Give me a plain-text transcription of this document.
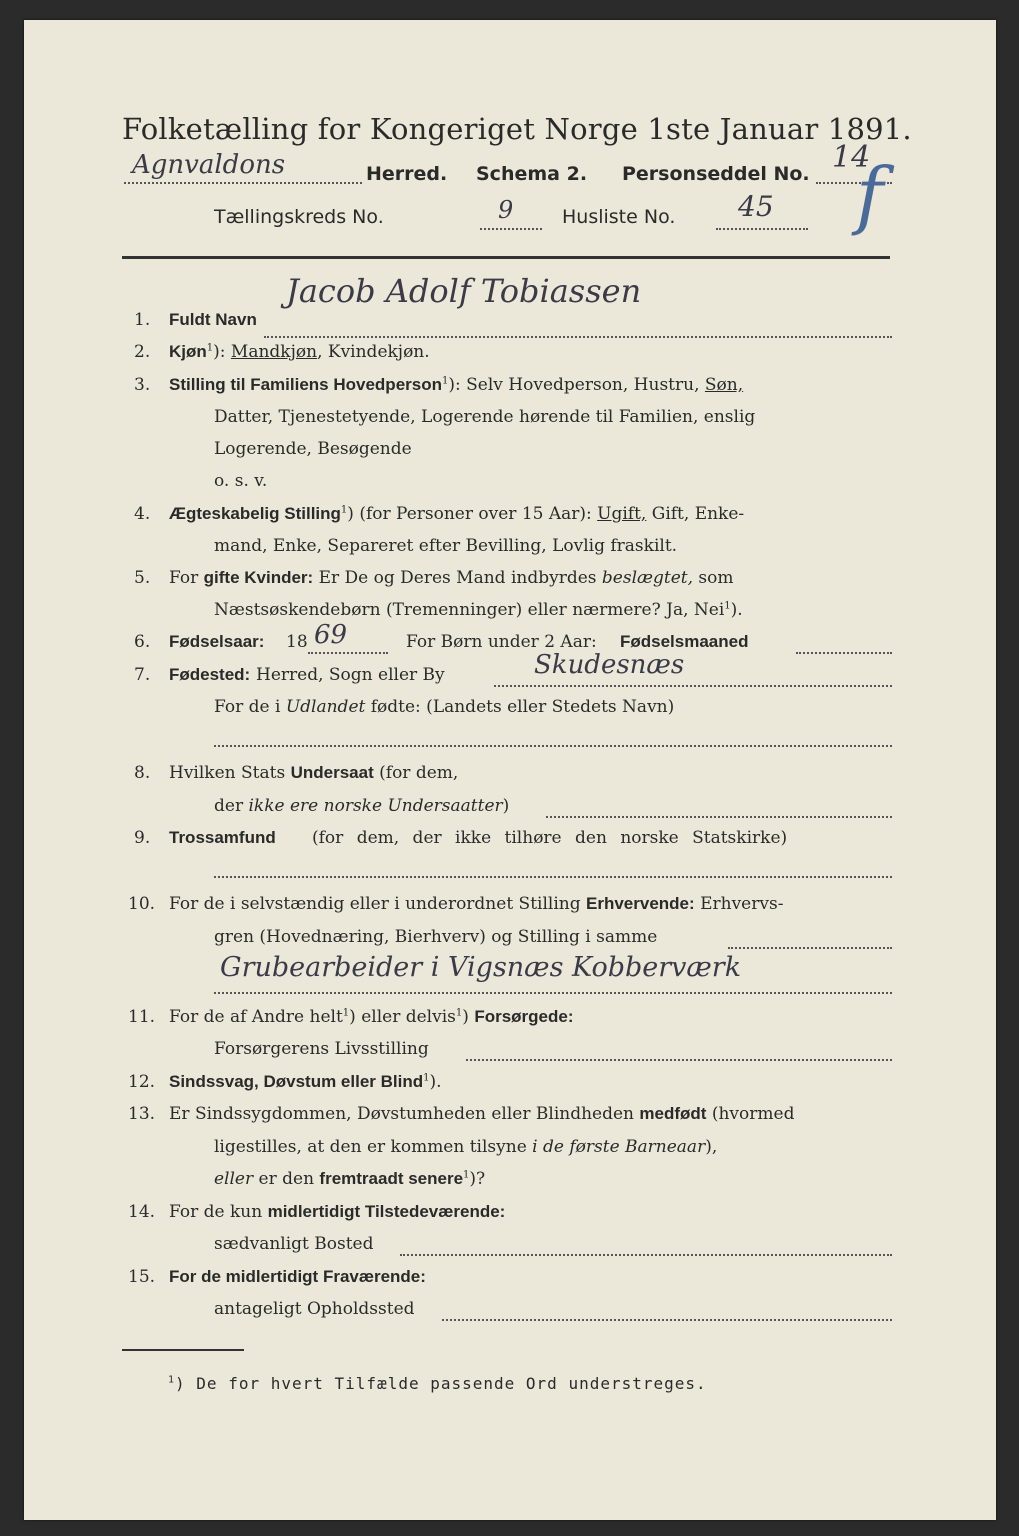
Folketælling for Kongeriget Norge 1ste Januar 1891.
Agnvaldons	Herred. Schema 2. Personseddel No. 14
f
Tællingskreds No.	9	Husliste No. 45
1. Fuldt Navn
Jacob Adolf Tobiassen
2. Kjøn$^1$): Mandkjøn, Kvindekjøn.
3. Stilling til Familiens Hovedperson$^1$): Selv Hovedperson, Hustru, Søn,
Datter, Tjenestetyende, Logerende hørende til Familien, enslig
Logerende, Besøgende
o. s. v.
4. Ægteskabelig Stilling$^1$) (for Personer over 15 Aar): Ugift, Gift, Enke-
mand, Enke, Separeret efter Bevilling, Lovlig fraskilt.
5. For gifte Kvinder: Er De og Deres Mand indbyrdes beslægtet, som
Næstsøskendebørn (Tremenninger) eller nærmere? Ja, Nei$^1$).
6. Fødselsaar: 18 69	For Børn under 2 Aar: Fødselsmaaned
7. Fødested: Herred, Sogn eller By	Skudesnæs
For de i Udlandet fødte: (Landets eller Stedets Navn)
8. Hvilken Stats Undersaat (for dem,
der ikke ere norske Undersaatter)
9. Trossamfund (for dem, der ikke tilhøre den norske Statskirke)
10. For de i selvstændig eller i underordnet Stilling Erhvervende: Erhvervs-
gren (Hovednæring, Bierhverv) og Stilling i samme
Grubearbeider i Vigsnæs Kobberværk
11. For de af Andre helt$^1$) eller delvis$^1$) Forsørgede:
Forsørgerens Livsstilling
12. Sindssvag, Døvstum eller Blind$^1$).
13. Er Sindssygdommen, Døvstumheden eller Blindheden medfødt (hvormed
ligestilles, at den er kommen tilsyne i de første Barneaar),
eller er den fremtraadt senere$^1$)?
14. For de kun midlertidigt Tilstedeværende:
sædvanligt Bosted
15. For de midlertidigt Fraværende:
antageligt Opholdssted
$^1$) De for hvert Tilfælde passende Ord understreges.
